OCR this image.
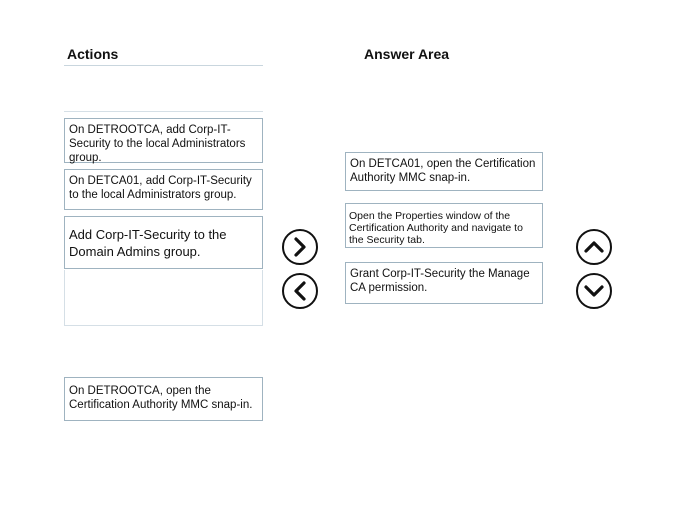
Actions	Answer Area
On DETROOTCA, add Corp-IT-Security to the local Administrators group.
On DETCA01, add Corp-IT-Security to the local Administrators group.
Add Corp-IT-Security to the Domain Admins group.
On DETROOTCA, open the Certification Authority MMC snap-in.
On DETCA01, open the Certification Authority MMC snap-in.
Open the Properties window of the Certification Authority and navigate to the Security tab.
Grant Corp-IT-Security the Manage CA permission.
